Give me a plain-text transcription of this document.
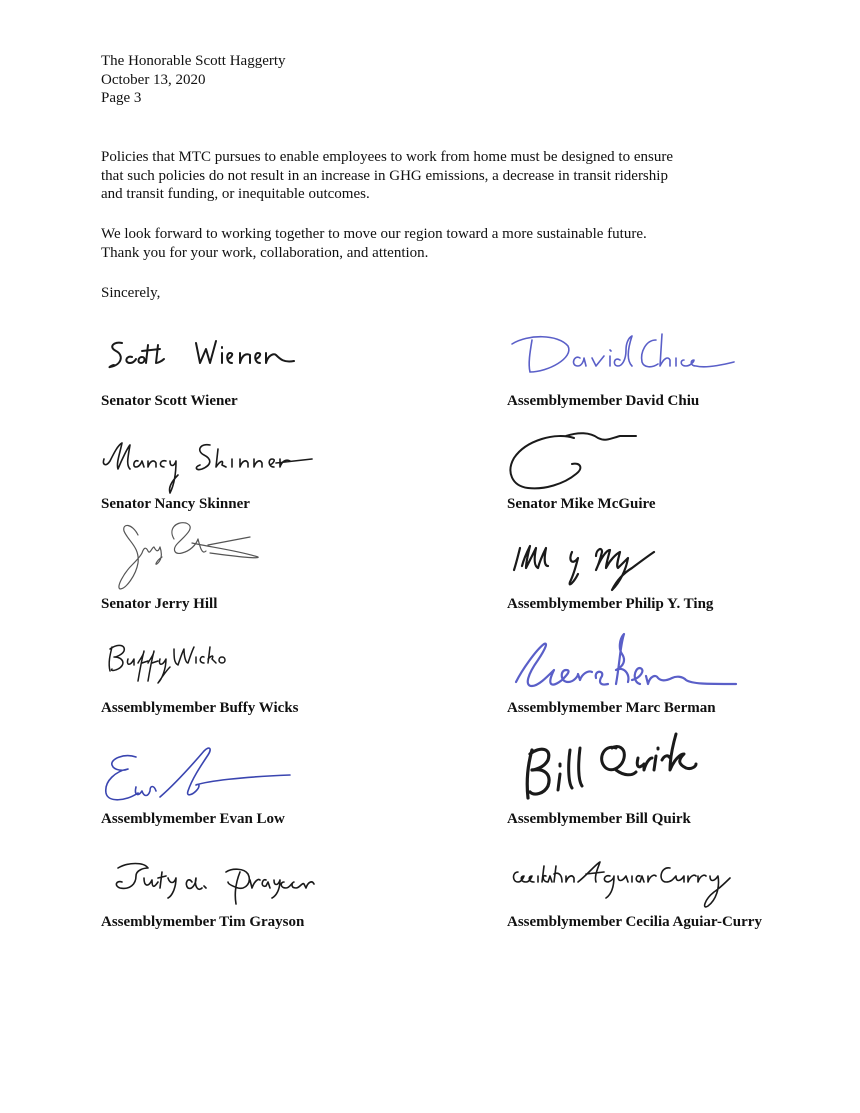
The Honorable Scott Haggerty
October 13, 2020
Page 3
Policies that MTC pursues to enable employees to work from home must be designed to ensure
that such policies do not result in an increase in GHG emissions, a decrease in transit ridership
and transit funding, or inequitable outcomes.
We look forward to working together to move our region toward a more sustainable future.
Thank you for your work, collaboration, and attention.
Sincerely,
Senator Scott Wiener	Assemblymember David Chiu
Senator Nancy Skinner	Senator Mike McGuire
Senator Jerry Hill	Assemblymember Philip Y. Ting
Assemblymember Buffy Wicks	Assemblymember Marc Berman
Assemblymember Evan Low	Assemblymember Bill Quirk
Assemblymember Tim Grayson	Assemblymember Cecilia Aguiar-Curry
